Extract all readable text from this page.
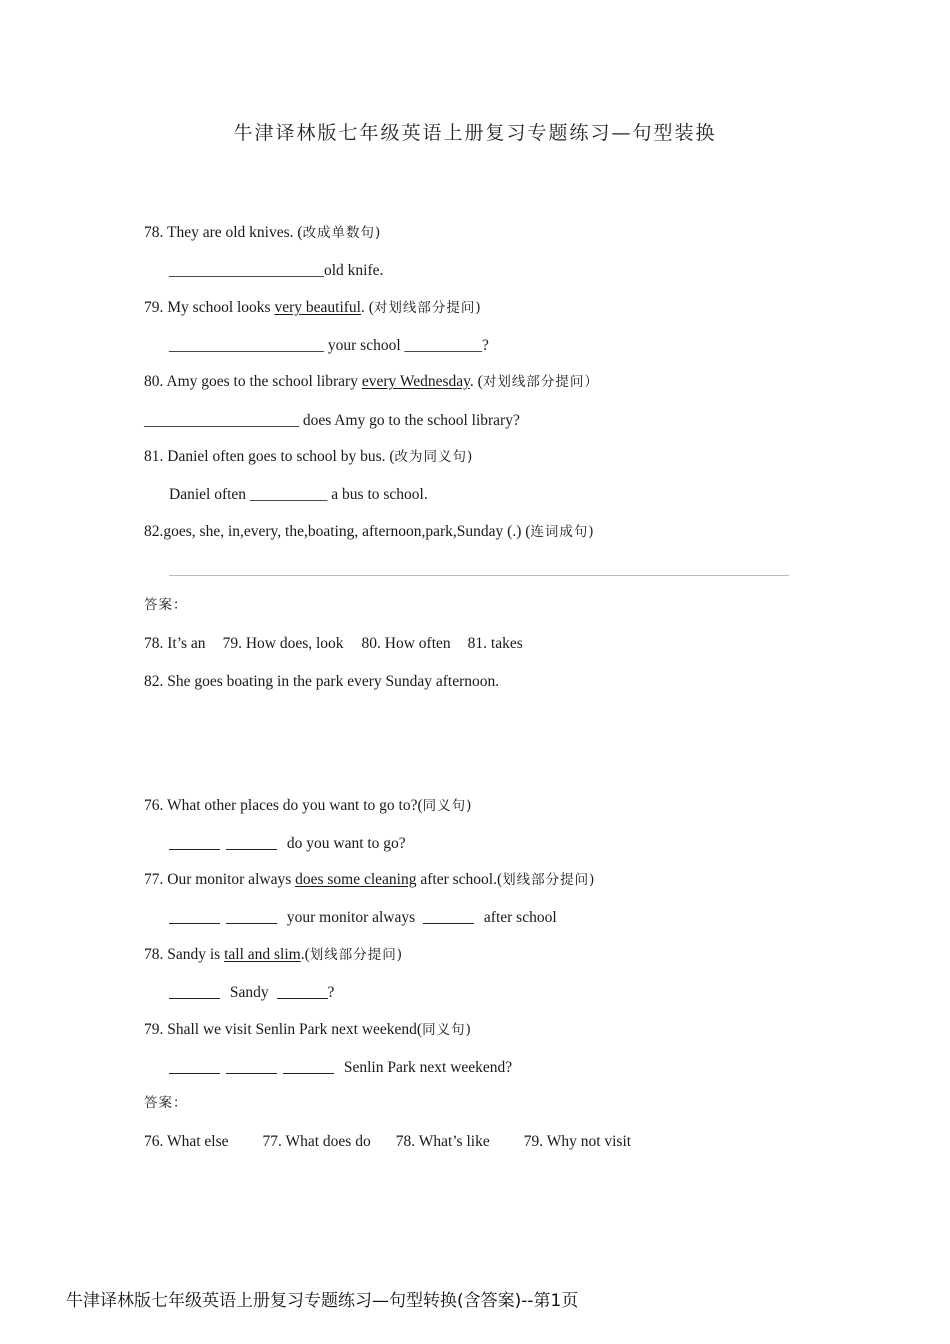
牛津译林版七年级英语上册复习专题练习—句型装换
78. They are old knives. (改成单数句)
____________________old knife.
79. My school looks very beautiful. (对划线部分提问)
____________________ your school __________?
80. Amy goes to the school library every Wednesday. (对划线部分提问）
____________________ does Amy go to the school library?
81. Daniel often goes to school by bus. (改为同义句)
Daniel often __________ a bus to school.
82.goes, she, in,every, the,boating, afternoon,park,Sunday (.) (连词成句)
答案：
78. It’s an 79. How does, look 80. How often 81. takes
82. She goes boating in the park every Sunday afternoon.
76. What other places do you want to go to?(同义句)
do you want to go?
77. Our monitor always does some cleaning after school.(划线部分提问)
your monitor always	after school
78. Sandy is tall and slim.(划线部分提问)
Sandy	?
79. Shall we visit Senlin Park next weekend(同义句)
Senlin Park next weekend?
答案：
76. What else 77. What does do 78. What’s like 79. Why not visit
牛津译林版七年级英语上册复习专题练习—句型转换(含答案)--第1页
